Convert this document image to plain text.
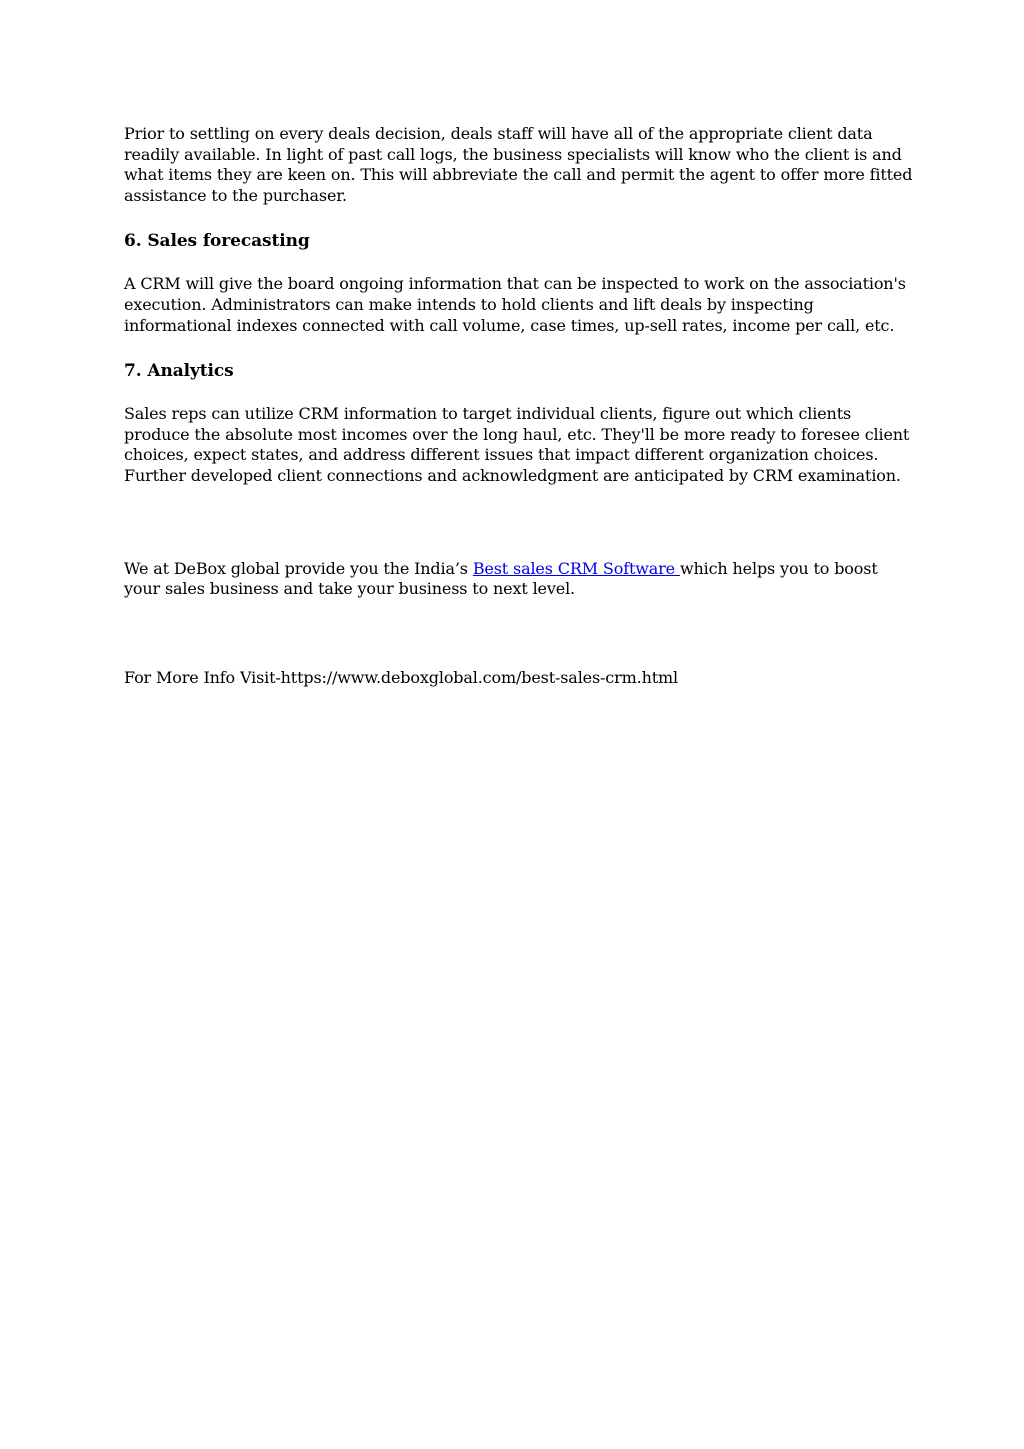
Prior to settling on every deals decision, deals staff will have all of the appropriate client data readily available. In light of past call logs, the business specialists will know who the client is and what items they are keen on. This will abbreviate the call and permit the agent to offer more fitted assistance to the purchaser.

6. Sales forecasting

A CRM will give the board ongoing information that can be inspected to work on the association's execution. Administrators can make intends to hold clients and lift deals by inspecting informational indexes connected with call volume, case times, up-sell rates, income per call, etc.

7. Analytics

Sales reps can utilize CRM information to target individual clients, figure out which clients produce the absolute most incomes over the long haul, etc. They'll be more ready to foresee client choices, expect states, and address different issues that impact different organization choices. Further developed client connections and acknowledgment are anticipated by CRM examination.

We at DeBox global provide you the India’s Best sales CRM Software which helps you to boost your sales business and take your business to next level.

For More Info Visit-https://www.deboxglobal.com/best-sales-crm.html
